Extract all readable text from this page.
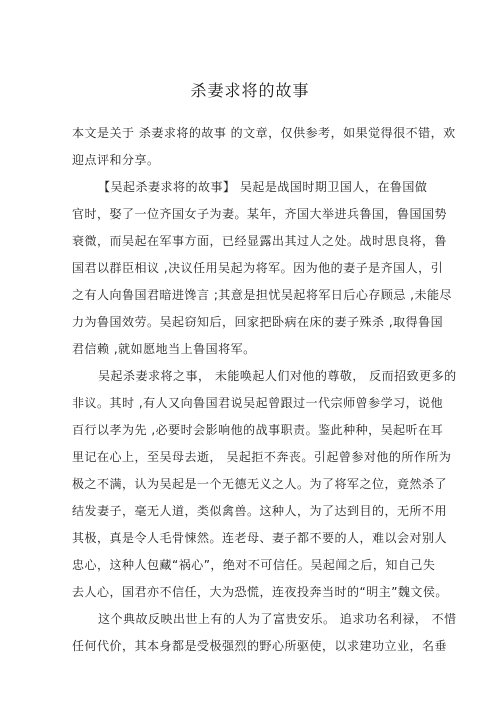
杀妻求将的故事
本文是关于 杀妻求将的故事 的文章，仅供参考，如果觉得很不错，欢
迎点评和分享。
【吴起杀妻求将的故事】 吴起是战国时期卫国人，在鲁国做
官时，娶了一位齐国女子为妻。某年，齐国大举进兵鲁国，鲁国国势
衰微，而吴起在军事方面，已经显露出其过人之处。战时思良将，鲁
国君以群臣相议 ,决议任用吴起为将军。因为他的妻子是齐国人，引
之有人向鲁国君暗进馋言 ;其意是担忧吴起将军日后心存顾忌 ,未能尽
力为鲁国效劳。吴起窃知后，回家把卧病在床的妻子殊杀 ,取得鲁国
君信赖 ,就如愿地当上鲁国将军。
吴起杀妻求将之事， 未能唤起人们对他的尊敬， 反而招致更多的
非议。其时 ,有人又向鲁国君说吴起曾跟过一代宗师曾参学习，说他
百行以孝为先 ,必要时会影响他的战事职责。鉴此种种，吴起听在耳
里记在心上，至吴母去逝， 吴起拒不奔丧。引起曾参对他的所作所为
极之不满，认为吴起是一个无德无义之人。为了将军之位，竟然杀了
结发妻子，毫无人道，类似禽兽。这种人，为了达到目的，无所不用
其极，真是令人毛骨悚然。连老母、妻子都不要的人，难以会对别人
忠心，这种人包藏“祸心”，绝对不可信任。吴起闻之后，知自己失
去人心，国君亦不信任，大为恐慌，连夜投奔当时的“明主”魏文侯。
这个典故反映出世上有的人为了富贵安乐。 追求功名利禄， 不惜
任何代价，其本身都是受极强烈的野心所驱使，以求建功立业，名垂
